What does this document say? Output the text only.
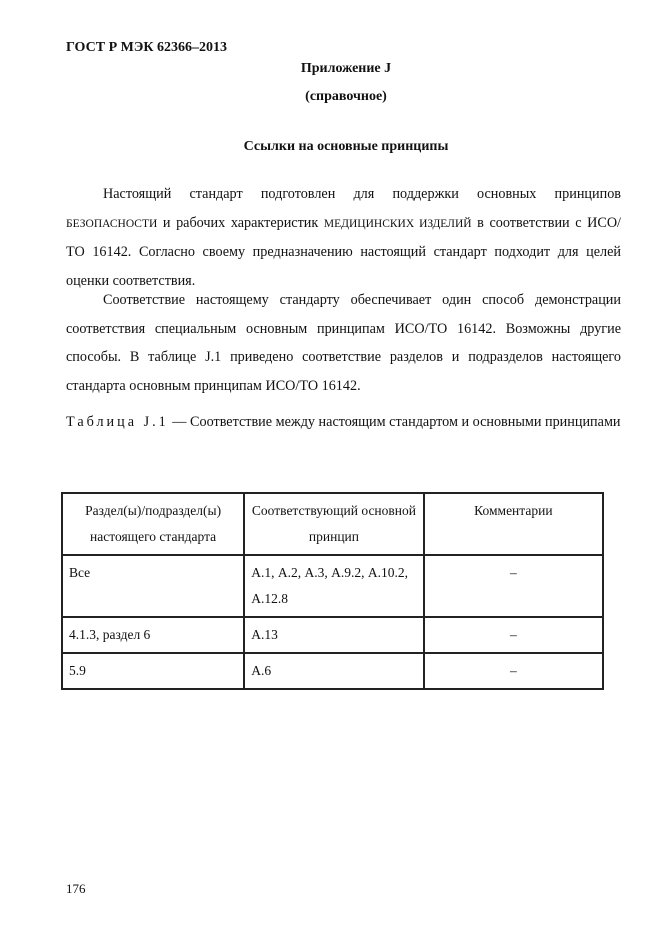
ГОСТ Р МЭК 62366–2013
Приложение J
(справочное)
Ссылки на основные принципы

Настоящий стандарт подготовлен для поддержки основных принципов БЕЗОПАСНОСТИ и рабочих характеристик МЕДИЦИНСКИХ ИЗДЕЛИЙ в соответствии с ИСО/ТО 16142. Согласно своему предназначению настоящий стандарт подходит для целей оценки соответствия.

Соответствие настоящему стандарту обеспечивает один способ демонстрации соответствия специальным основным принципам ИСО/ТО 16142. Возможны другие способы. В таблице J.1 приведено соответствие разделов и подразделов настоящего стандарта основным принципам ИСО/ТО 16142.

Таблица J.1 — Соответствие между настоящим стандартом и основными принципами

Раздел(ы)/подраздел(ы) настоящего стандарта	Соответствующий основной принцип	Комментарии
Все	А.1, А.2, А.3, А.9.2, А.10.2, А.12.8	–
4.1.3, раздел 6	А.13	–
5.9	А.6	–
176
